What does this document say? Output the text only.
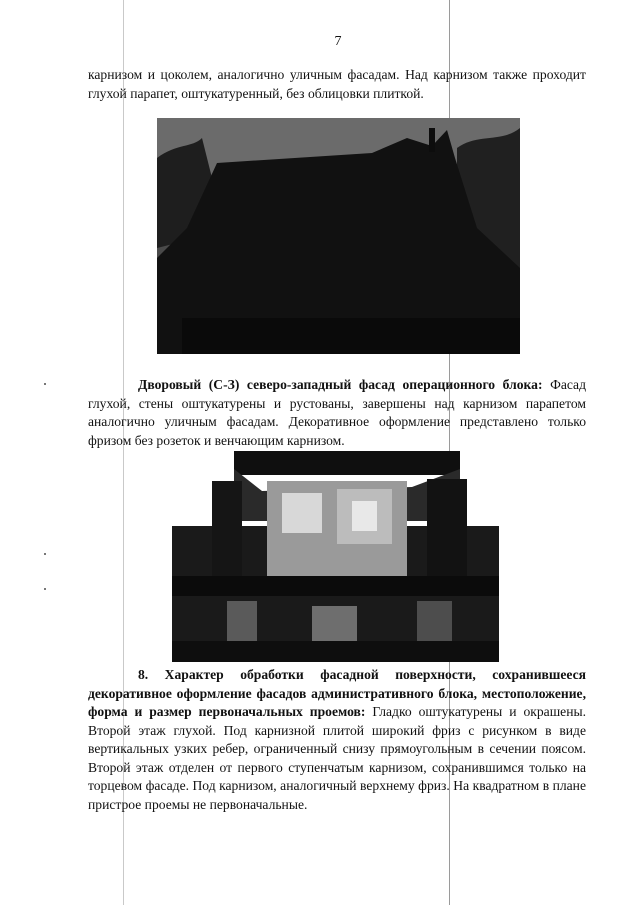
7

карнизом и цоколем, аналогично уличным фасадам. Над карнизом также проходит глухой парапет, оштукатуренный, без облицовки плиткой.

Дворовый (С-З) северо-западный фасад операционного блока: Фасад глухой, стены оштукатурены и рустованы, завершены над карнизом парапетом аналогично уличным фасадам. Декоративное оформление представлено только фризом без розеток и венчающим карнизом.

8. Характер обработки фасадной поверхности, сохранившееся декоративное оформление фасадов административного блока, местоположение, форма и размер первоначальных проемов: Гладко оштукатурены и окрашены. Второй этаж глухой. Под карнизной плитой широкий фриз с рисунком в виде вертикальных узких ребер, ограниченный снизу прямоугольным в сечении поясом. Второй этаж отделен от первого ступенчатым карнизом, сохранившимся только на торцевом фасаде. Под карнизом, аналогичный верхнему фриз. На квадратном в плане пристрое проемы не первоначальные.
